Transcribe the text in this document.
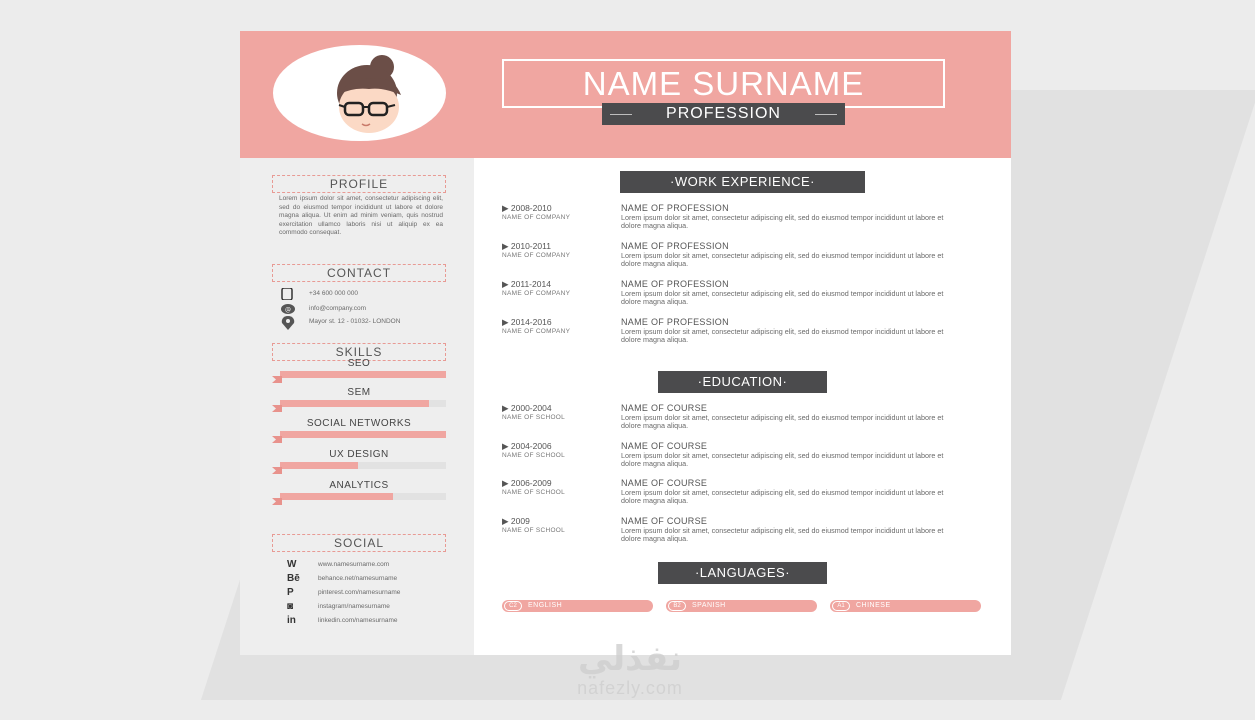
NAME SURNAME
PROFESSION
PROFILE
Lorem ipsum dolor sit amet, consectetur adipiscing elit, sed do eiusmod tempor incididunt ut labore et dolore magna aliqua. Ut enim ad minim veniam, quis nostrud exercitation ullamco laboris nisi ut aliquip ex ea commodo consequat.
CONTACT
+34 600 000 000
@	info@company.com
Mayor st. 12 - 01032- LONDON
SKILLS
SEO
SEM
SOCIAL NETWORKS
UX DESIGN
ANALYTICS
SOCIAL
W	www.namesurname.com
Bē	behance.net/namesurname
P	pinterest.com/namesurname
◙	instagram/namesurname
in	linkedin.com/namesurname
·WORK EXPERIENCE·
▶ 2008-2010
NAME OF COMPANY
NAME OF PROFESSION
Lorem ipsum dolor sit amet, consectetur adipiscing elit, sed do eiusmod tempor incididunt ut labore et dolore magna aliqua.
▶ 2010-2011
NAME OF COMPANY
NAME OF PROFESSION
Lorem ipsum dolor sit amet, consectetur adipiscing elit, sed do eiusmod tempor incididunt ut labore et dolore magna aliqua.
▶ 2011-2014
NAME OF COMPANY
NAME OF PROFESSION
Lorem ipsum dolor sit amet, consectetur adipiscing elit, sed do eiusmod tempor incididunt ut labore et dolore magna aliqua.
▶ 2014-2016
NAME OF COMPANY
NAME OF PROFESSION
Lorem ipsum dolor sit amet, consectetur adipiscing elit, sed do eiusmod tempor incididunt ut labore et dolore magna aliqua.
·EDUCATION·
▶ 2000-2004
NAME OF SCHOOL
NAME OF COURSE
Lorem ipsum dolor sit amet, consectetur adipiscing elit, sed do eiusmod tempor incididunt ut labore et dolore magna aliqua.
▶ 2004-2006
NAME OF SCHOOL
NAME OF COURSE
Lorem ipsum dolor sit amet, consectetur adipiscing elit, sed do eiusmod tempor incididunt ut labore et dolore magna aliqua.
▶ 2006-2009
NAME OF SCHOOL
NAME OF COURSE
Lorem ipsum dolor sit amet, consectetur adipiscing elit, sed do eiusmod tempor incididunt ut labore et dolore magna aliqua.
▶ 2009
NAME OF SCHOOL
NAME OF COURSE
Lorem ipsum dolor sit amet, consectetur adipiscing elit, sed do eiusmod tempor incididunt ut labore et dolore magna aliqua.
·LANGUAGES·
C2	ENGLISH	B2	SPANISH	A1	CHINESE
نفذلي
nafezly.com
